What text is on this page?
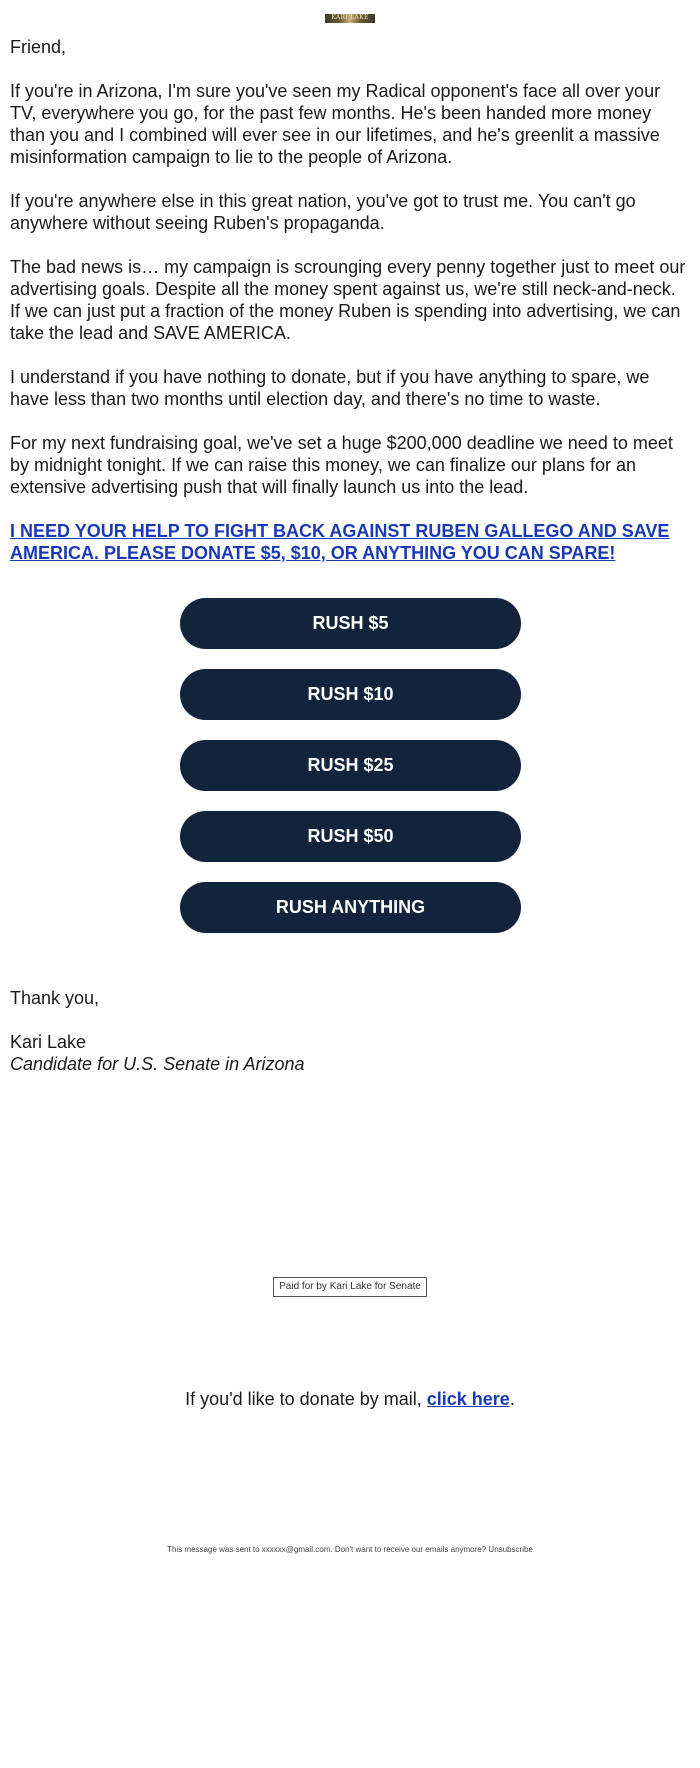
KARI LAKE

Friend,

If you're in Arizona, I'm sure you've seen my Radical opponent's face all over your TV, everywhere you go, for the past few months. He's been handed more money than you and I combined will ever see in our lifetimes, and he's greenlit a massive misinformation campaign to lie to the people of Arizona.

If you're anywhere else in this great nation, you've got to trust me. You can't go anywhere without seeing Ruben's propaganda.

The bad news is… my campaign is scrounging every penny together just to meet our advertising goals. Despite all the money spent against us, we're still neck-and-neck. If we can just put a fraction of the money Ruben is spending into advertising, we can take the lead and SAVE AMERICA.

I understand if you have nothing to donate, but if you have anything to spare, we have less than two months until election day, and there's no time to waste.

For my next fundraising goal, we've set a huge $200,000 deadline we need to meet by midnight tonight. If we can raise this money, we can finalize our plans for an extensive advertising push that will finally launch us into the lead.

I NEED YOUR HELP TO FIGHT BACK AGAINST RUBEN GALLEGO AND SAVE AMERICA. PLEASE DONATE $5, $10, OR ANYTHING YOU CAN SPARE!
RUSH $5
RUSH $10
RUSH $25
RUSH $50
RUSH ANYTHING
Thank you,
Kari Lake
Candidate for U.S. Senate in Arizona
Paid for by Kari Lake for Senate
If you'd like to donate by mail, click here.
This message was sent to xxxxxx@gmail.com. Don't want to receive our emails anymore? Unsubscribe
